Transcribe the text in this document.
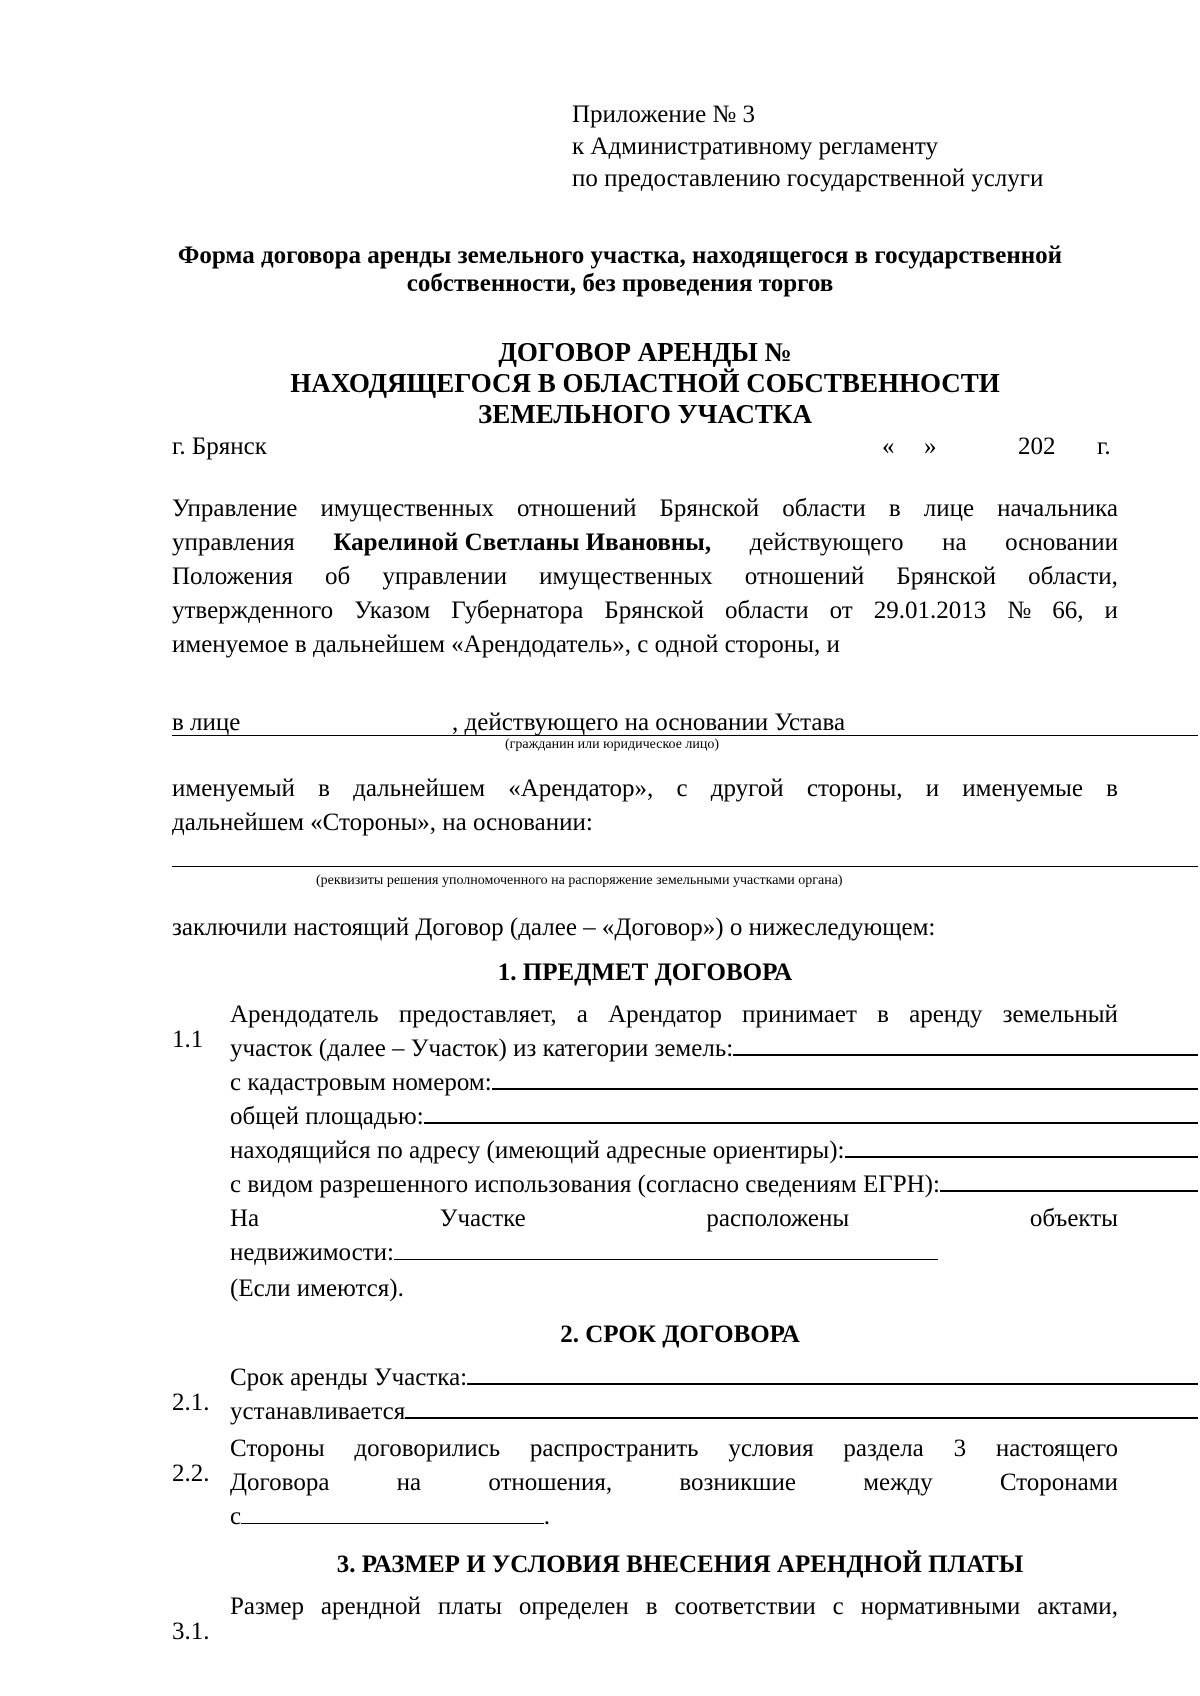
Приложение № 3

к Административному регламенту

по предоставлению государственной услуги

Форма договора аренды земельного участка, находящегося в государственной

собственности, без проведения торгов

ДОГОВОР АРЕНДЫ №

НАХОДЯЩЕГОСЯ В ОБЛАСТНОЙ СОБСТВЕННОСТИ

ЗЕМЕЛЬНОГО УЧАСТКА

г. Брянск	« »	202 г.

Управление имущественных отношений Брянской области в лице начальника
управления Карелиной Светланы Ивановны, действующего на основании
Положения об управлении имущественных отношений Брянской области,
утвержденного Указом Губернатора Брянской области от 29.01.2013 № 66, и

именуемое в дальнейшем «Арендодатель», с одной стороны, и

в лице	, действующего на основании Устава

(гражданин или юридическое лицо)

именуемый в дальнейшем «Арендатор», с другой стороны, и именуемые в

дальнейшем «Стороны», на основании:

(реквизиты решения уполномоченного на распоряжение земельными участками органа)

заключили настоящий Договор (далее – «Договор») о нижеследующем:

1. ПРЕДМЕТ ДОГОВОРА

1.1

Арендодатель предоставляет, а Арендатор принимает в аренду земельный
участок (далее – Участок) из категории земель:
с кадастровым номером:
общей площадью:
находящийся по адресу (имеющий адресные ориентиры):
с видом разрешенного использования (согласно сведениям ЕГРН):
На	Участке	расположены	объекты
недвижимости:

(Если имеются).

2. СРОК ДОГОВОРА

2.1.

Срок аренды Участка:
устанавливается

2.2.

Стороны договорились распространить условия раздела 3 настоящего
Договора	на	отношения,	возникшие	между	Сторонами
с	.

3. РАЗМЕР И УСЛОВИЯ ВНЕСЕНИЯ АРЕНДНОЙ ПЛАТЫ

3.1.

Размер арендной платы определен в соответствии с нормативными актами,
